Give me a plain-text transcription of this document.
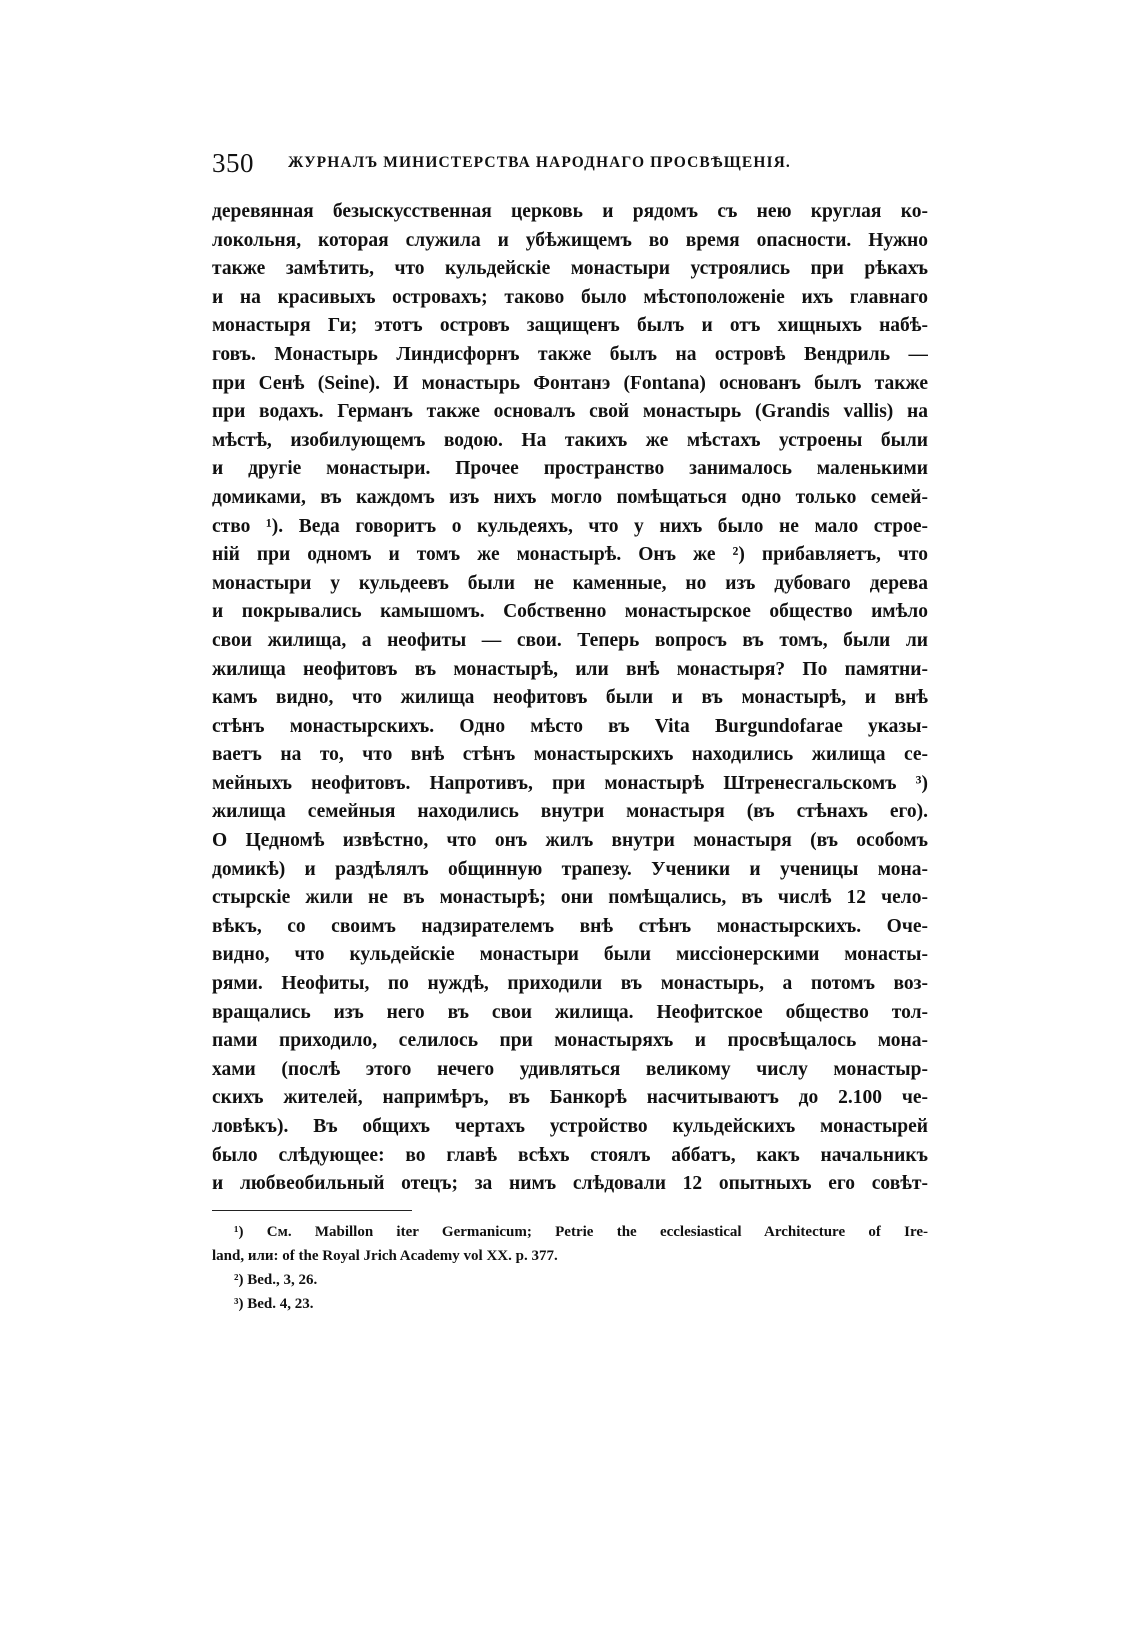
350 ЖУРНАЛЪ МИНИСТЕРСТВА НАРОДНАГО ПРОСВѢЩЕНІЯ.
деревянная безыскусственная церковь и рядомъ съ нею круглая ко-
локольня, которая служила и убѣжищемъ во время опасности. Нужно
также замѣтить, что кульдейскіе монастыри устроялись при рѣкахъ
и на красивыхъ островахъ; таково было мѣстоположеніе ихъ главнаго
монастыря Ги; этотъ островъ защищенъ былъ и отъ хищныхъ набѣ-
говъ. Монастырь Линдисфорнъ также былъ на островѣ Вендриль —
при Сенѣ (Seine). И монастырь Фонтанэ (Fontana) основанъ былъ также
при водахъ. Германъ также основалъ свой монастырь (Grandis vallis) на
мѣстѣ, изобилующемъ водою. На такихъ же мѣстахъ устроены были
и другіе монастыри. Прочее пространство занималось маленькими
домиками, въ каждомъ изъ нихъ могло помѣщаться одно только семей-
ство ¹). Веда говоритъ о кульдеяхъ, что у нихъ было не мало строе-
ній при одномъ и томъ же монастырѣ. Онъ же ²) прибавляетъ, что
монастыри у кульдеевъ были не каменные, но изъ дубоваго дерева
и покрывались камышомъ. Собственно монастырское общество имѣло
свои жилища, а неофиты — свои. Теперь вопросъ въ томъ, были ли
жилища неофитовъ въ монастырѣ, или внѣ монастыря? По памятни-
камъ видно, что жилища неофитовъ были и въ монастырѣ, и внѣ
стѣнъ монастырскихъ. Одно мѣсто въ Vita Burgundofarae указы-
ваетъ на то, что внѣ стѣнъ монастырскихъ находились жилища се-
мейныхъ неофитовъ. Напротивъ, при монастырѣ Штренесгальскомъ ³)
жилища семейныя находились внутри монастыря (въ стѣнахъ его).
О Цедномѣ извѣстно, что онъ жилъ внутри монастыря (въ особомъ
домикѣ) и раздѣлялъ общинную трапезу. Ученики и ученицы мона-
стырскіе жили не въ монастырѣ; они помѣщались, въ числѣ 12 чело-
вѣкъ, со своимъ надзирателемъ внѣ стѣнъ монастырскихъ. Оче-
видно, что кульдейскіе монастыри были миссіонерскими монасты-
рями. Неофиты, по нуждѣ, приходили въ монастырь, а потомъ воз-
вращались изъ него въ свои жилища. Неофитское общество тол-
пами приходило, селилось при монастыряхъ и просвѣщалось мона-
хами (послѣ этого нечего удивляться великому числу монастыр-
скихъ жителей, напримѣръ, въ Банкорѣ насчитываютъ до 2.100 че-
ловѣкъ). Въ общихъ чертахъ устройство кульдейскихъ монастырей
было слѣдующее: во главѣ всѣхъ стоялъ аббатъ, какъ начальникъ
и любвеобильный отецъ; за нимъ слѣдовали 12 опытныхъ его совѣт-
¹) См. Mabillon iter Germanicum; Petrie the ecclesiastical Architecture of Ire-
land, или: of the Royal Jrich Academy vol XX. p. 377.
²) Bed., 3, 26.
³) Bed. 4, 23.
